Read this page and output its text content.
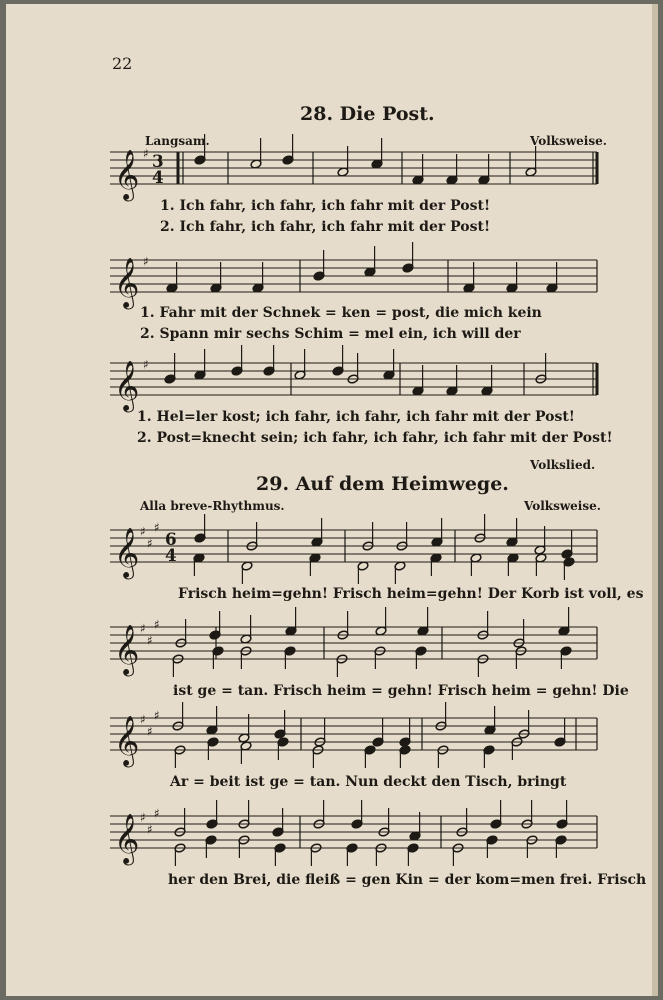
22
28. Die Post.
Langsam.	Volksweise.
1. Ich fahr, ich fahr, ich fahr mit der Post!
2. Ich fahr, ich fahr, ich fahr mit der Post!
1. Fahr mit der Schnek = ken = post, die mich kein
2. Spann mir sechs Schim = mel ein, ich will der
1. Hel=ler kost; ich fahr, ich fahr, ich fahr mit der Post!
2. Post=knecht sein; ich fahr, ich fahr, ich fahr mit der Post!
Volkslied.
29. Auf dem Heimwege.
Alla breve-Rhythmus.	Volksweise.
Frisch heim=gehn! Frisch heim=gehn! Der Korb ist voll, es
ist ge = tan. Frisch heim = gehn! Frisch heim = gehn! Die
Ar = beit ist ge = tan. Nun deckt den Tisch, bringt
her den Brei, die fleiß = gen Kin = der kom=men frei. Frisch
𝄞 ♯ 3
4
𝄞 ♯
𝄞 ♯
𝄞 ♯
♯
♯
6
4
𝄞 ♯
♯
♯
𝄞 ♯
♯
♯
𝄞 ♯
♯
♯
